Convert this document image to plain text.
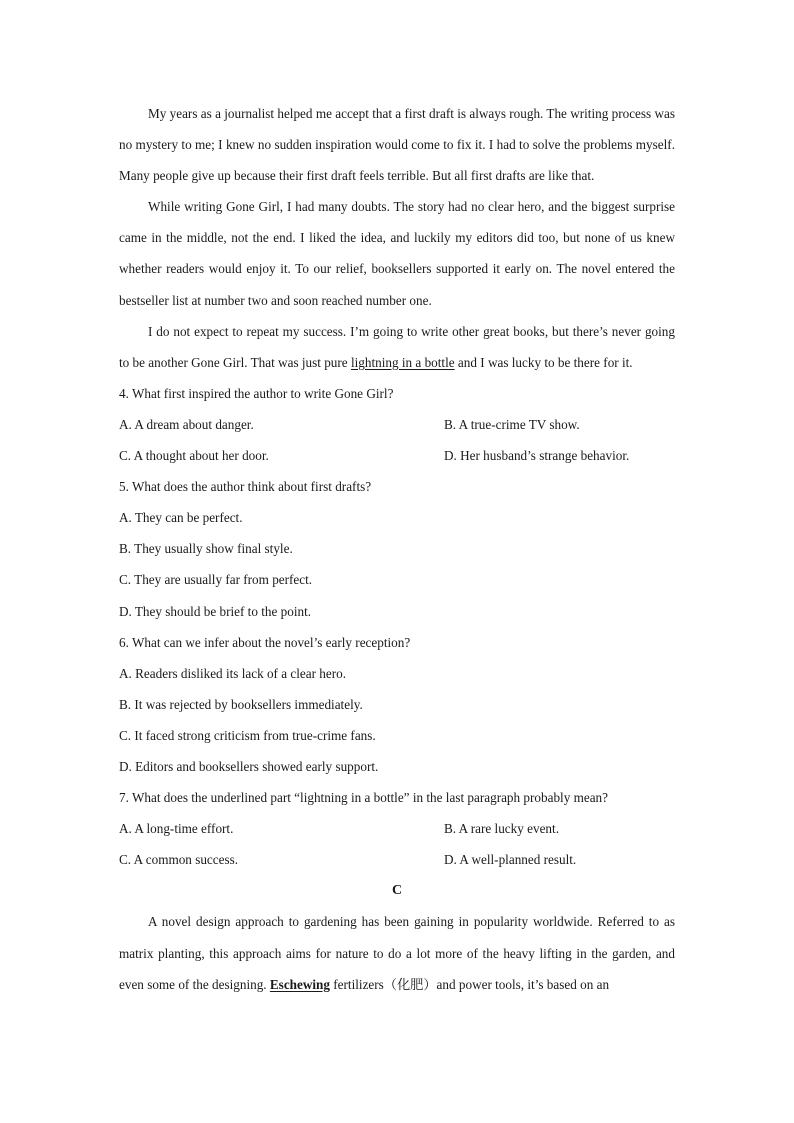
My years as a journalist helped me accept that a first draft is always rough. The writing process was no mystery to me; I knew no sudden inspiration would come to fix it. I had to solve the problems myself. Many people give up because their first draft feels terrible. But all first drafts are like that.

While writing Gone Girl, I had many doubts. The story had no clear hero, and the biggest surprise came in the middle, not the end. I liked the idea, and luckily my editors did too, but none of us knew whether readers would enjoy it. To our relief, booksellers supported it early on. The novel entered the bestseller list at number two and soon reached number one.

I do not expect to repeat my success. I’m going to write other great books, but there’s never going to be another Gone Girl. That was just pure lightning in a bottle and I was lucky to be there for it.

4. What first inspired the author to write Gone Girl?

A. A dream about danger.	B. A true-crime TV show.
C. A thought about her door.	D. Her husband’s strange behavior.

5. What does the author think about first drafts?

A. They can be perfect.

B. They usually show final style.

C. They are usually far from perfect.

D. They should be brief to the point.

6. What can we infer about the novel’s early reception?

A. Readers disliked its lack of a clear hero.

B. It was rejected by booksellers immediately.

C. It faced strong criticism from true-crime fans.

D. Editors and booksellers showed early support.

7. What does the underlined part “lightning in a bottle” in the last paragraph probably mean?

A. A long-time effort.	B. A rare lucky event.
C. A common success.	D. A well-planned result.

C

A novel design approach to gardening has been gaining in popularity worldwide. Referred to as matrix planting, this approach aims for nature to do a lot more of the heavy lifting in the garden, and even some of the designing. Eschewing fertilizers（化肥）and power tools, it’s based on an
